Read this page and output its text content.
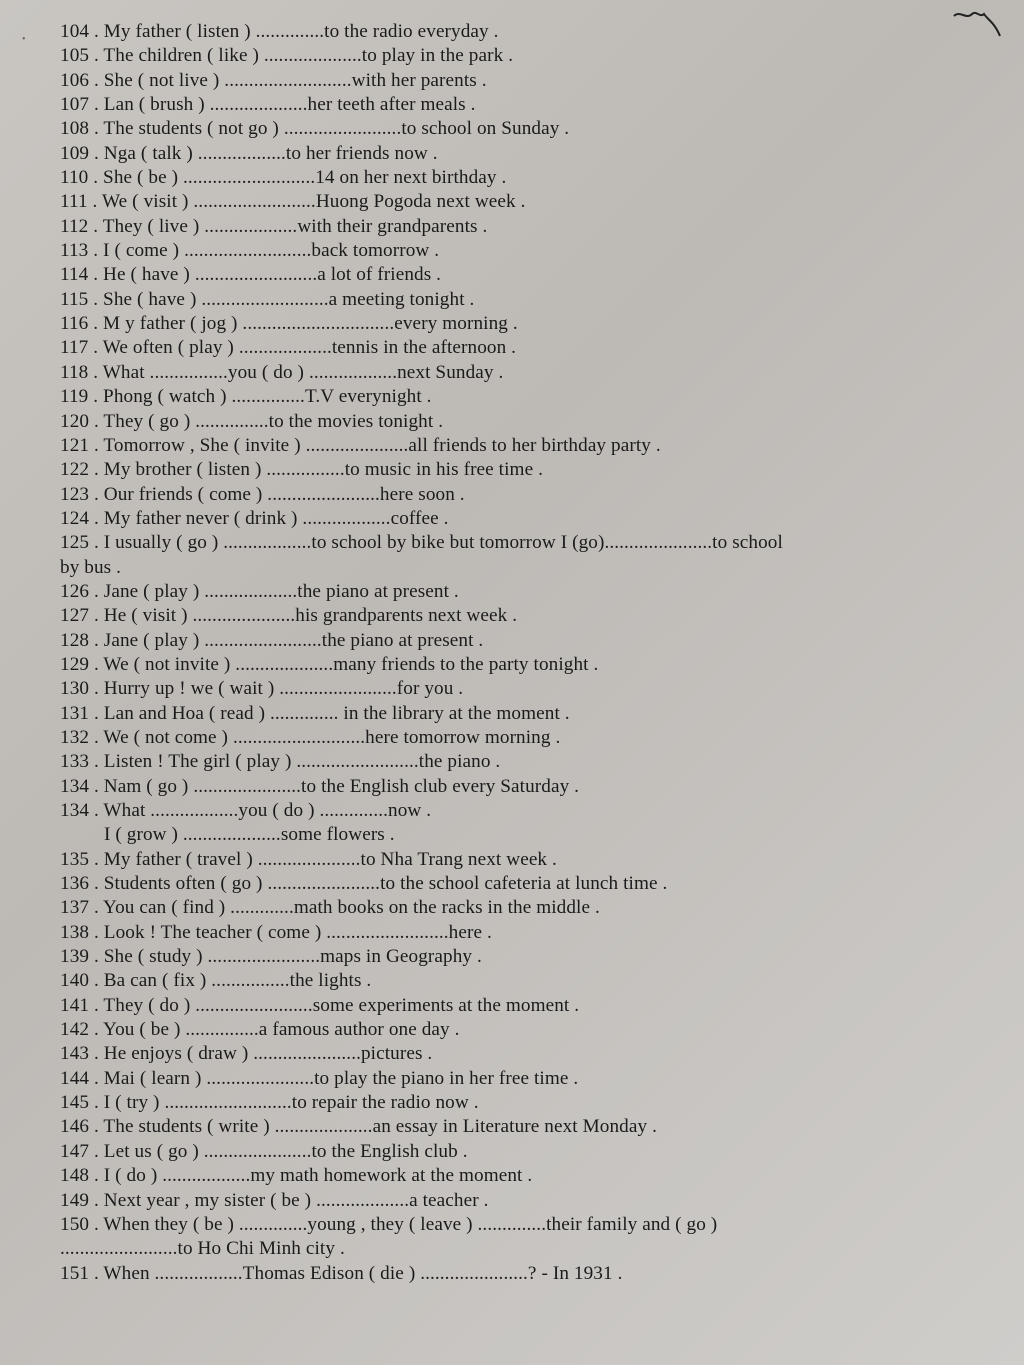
• 104 . My father ( listen ) ..............to the radio everyday .
105 . The children ( like ) ....................to play in the park .
106 . She ( not live ) ..........................with her parents .
107 . Lan ( brush ) ....................her teeth after meals .
108 . The students ( not go ) ........................to school on Sunday .
109 . Nga ( talk ) ..................to her friends now .
110 . She ( be ) ...........................14 on her next birthday .
111 . We ( visit ) .........................Huong Pogoda next week .
112 . They ( live ) ...................with their grandparents .
113 . I ( come ) ..........................back tomorrow .
114 . He ( have ) .........................a lot of friends .
115 . She ( have ) ..........................a meeting tonight .
116 . M y father ( jog ) ...............................every morning .
117 . We often ( play ) ...................tennis in the afternoon .
118 . What ................you ( do ) ..................next Sunday .
119 . Phong ( watch ) ...............T.V everynight .
120 . They ( go ) ...............to the movies tonight .
121 . Tomorrow , She ( invite ) .....................all friends to her birthday party .
122 . My brother ( listen ) ................to music in his free time .
123 . Our friends ( come ) .......................here soon .
124 . My father never ( drink ) ..................coffee .
125 . I usually ( go ) ..................to school by bike but tomorrow I (go)......................to school
by bus .
126 . Jane ( play ) ...................the piano at present .
127 . He ( visit ) .....................his grandparents next week .
128 . Jane ( play ) ........................the piano at present .
129 . We ( not invite ) ....................many friends to the party tonight .
130 . Hurry up ! we ( wait ) ........................for you .
131 . Lan and Hoa ( read ) .............. in the library at the moment .
132 . We ( not come ) ...........................here tomorrow morning .
133 . Listen ! The girl ( play ) .........................the piano .
134 . Nam ( go ) ......................to the English club every Saturday .
134 . What ..................you ( do ) ..............now .
I ( grow ) ....................some flowers .
135 . My father ( travel ) .....................to Nha Trang next week .
136 . Students often ( go ) .......................to the school cafeteria at lunch time .
137 . You can ( find ) .............math books on the racks in the middle .
138 . Look ! The teacher ( come ) .........................here .
139 . She ( study ) .......................maps in Geography .
140 . Ba can ( fix ) ................the lights .
141 . They ( do ) ........................some experiments at the moment .
142 . You ( be ) ...............a famous author one day .
143 . He enjoys ( draw ) ......................pictures .
144 . Mai ( learn ) ......................to play the piano in her free time .
145 . I ( try ) ..........................to repair the radio now .
146 . The students ( write ) ....................an essay in Literature next Monday .
147 . Let us ( go ) ......................to the English club .
148 . I ( do ) ..................my math homework at the moment .
149 . Next year , my sister ( be ) ...................a teacher .
150 . When they ( be ) ..............young , they ( leave ) ..............their family and ( go )
........................to Ho Chi Minh city .
151 . When ..................Thomas Edison ( die ) ......................? - In 1931 .
